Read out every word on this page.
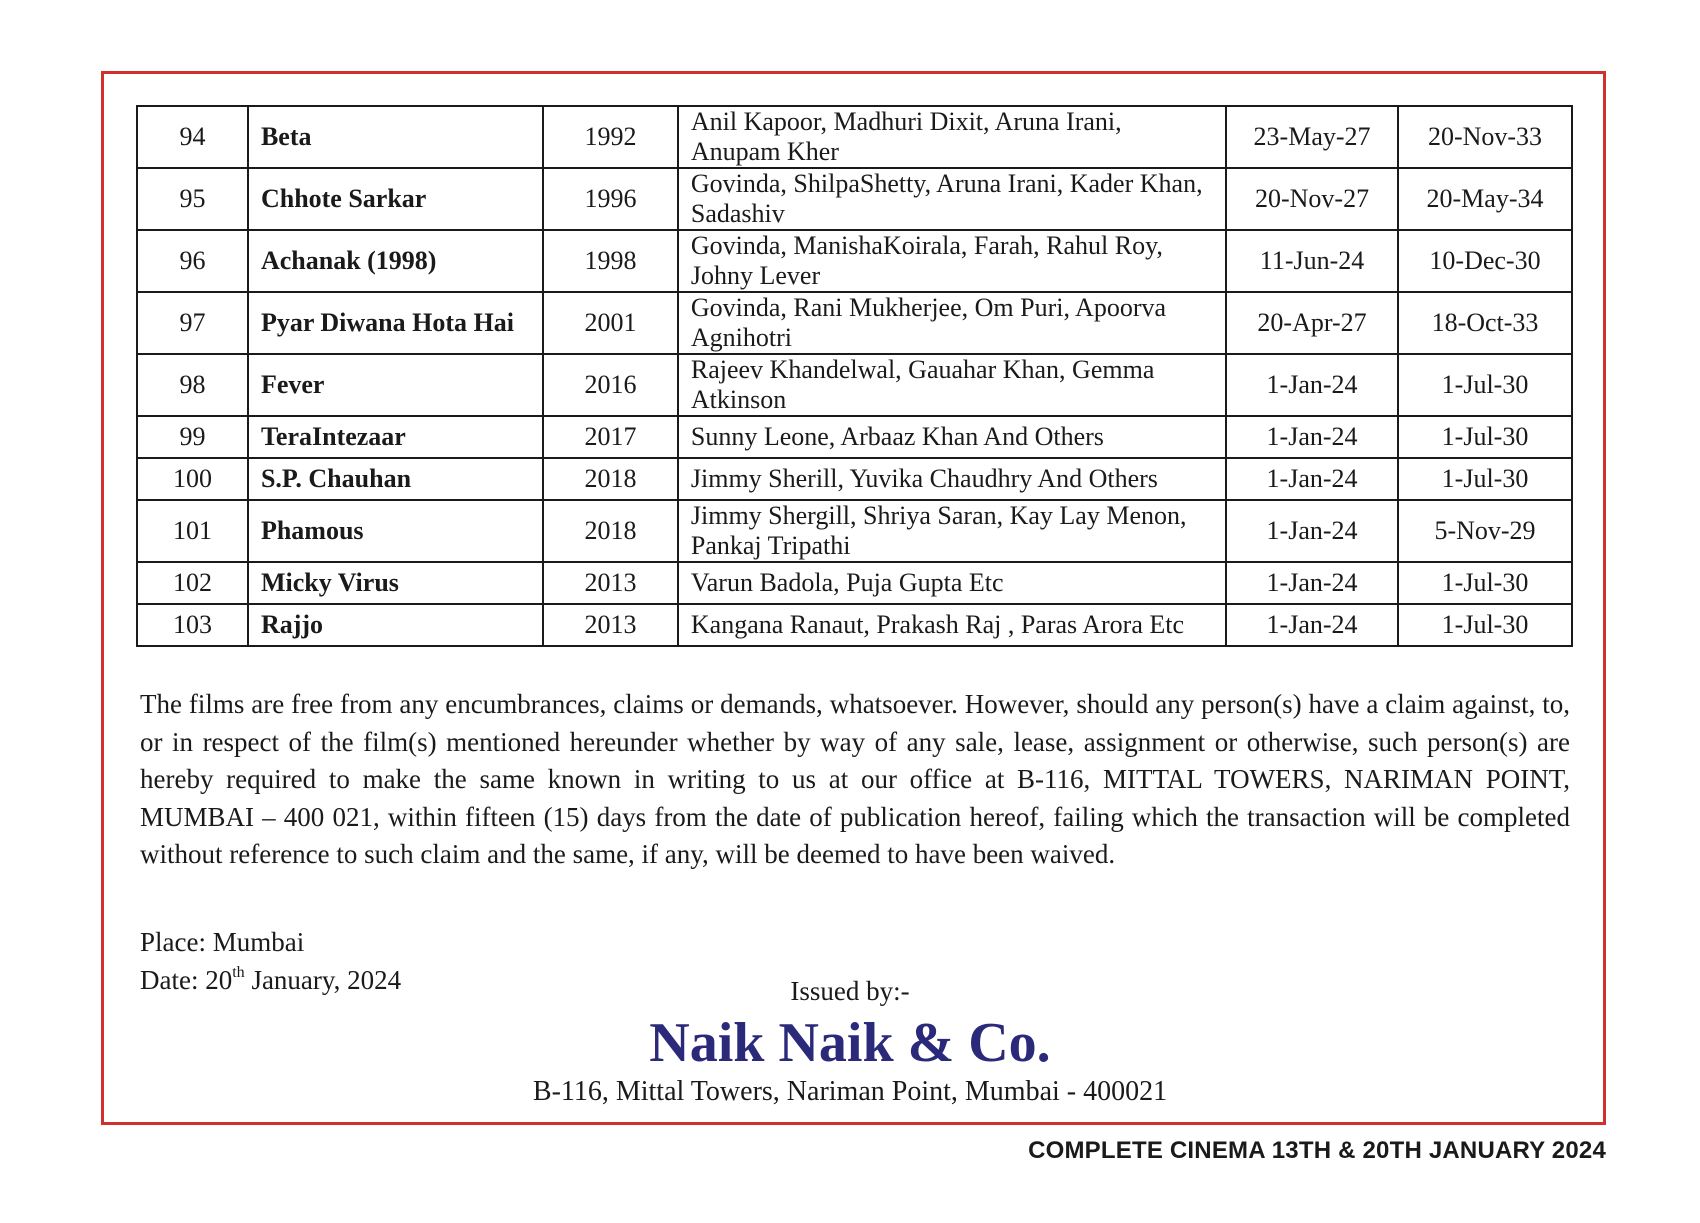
94	Beta	1992	Anil Kapoor, Madhuri Dixit, Aruna Irani, Anupam Kher	23-May-27	20-Nov-33
95	Chhote Sarkar	1996	Govinda, ShilpaShetty, Aruna Irani, Kader Khan, Sadashiv	20-Nov-27	20-May-34
96	Achanak (1998)	1998	Govinda, ManishaKoirala, Farah, Rahul Roy, Johny Lever	11-Jun-24	10-Dec-30
97	Pyar Diwana Hota Hai	2001	Govinda, Rani Mukherjee, Om Puri, Apoorva Agnihotri	20-Apr-27	18-Oct-33
98	Fever	2016	Rajeev Khandelwal, Gauahar Khan, Gemma Atkinson	1-Jan-24	1-Jul-30
99	TeraIntezaar	2017	Sunny Leone, Arbaaz Khan And Others	1-Jan-24	1-Jul-30
100	S.P. Chauhan	2018	Jimmy Sherill, Yuvika Chaudhry And Others	1-Jan-24	1-Jul-30
101	Phamous	2018	Jimmy Shergill, Shriya Saran, Kay Lay Menon, Pankaj Tripathi	1-Jan-24	5-Nov-29
102	Micky Virus	2013	Varun Badola, Puja Gupta Etc	1-Jan-24	1-Jul-30
103	Rajjo	2013	Kangana Ranaut, Prakash Raj , Paras Arora Etc	1-Jan-24	1-Jul-30

The films are free from any encumbrances, claims or demands, whatsoever. However, should any person(s) have a claim against, to, or in respect of the film(s) mentioned hereunder whether by way of any sale, lease, assignment or otherwise, such person(s) are hereby required to make the same known in writing to us at our office at B-116, MITTAL TOWERS, NARIMAN POINT, MUMBAI – 400 021, within fifteen (15) days from the date of publication hereof, failing which the transaction will be completed without reference to such claim and the same, if any, will be deemed to have been waived.

Place: Mumbai

Date: 20th January, 2024	Issued by:-
Naik Naik & Co.
B-116, Mittal Towers, Nariman Point, Mumbai - 400021
COMPLETE CINEMA 13TH & 20TH JANUARY 2024
